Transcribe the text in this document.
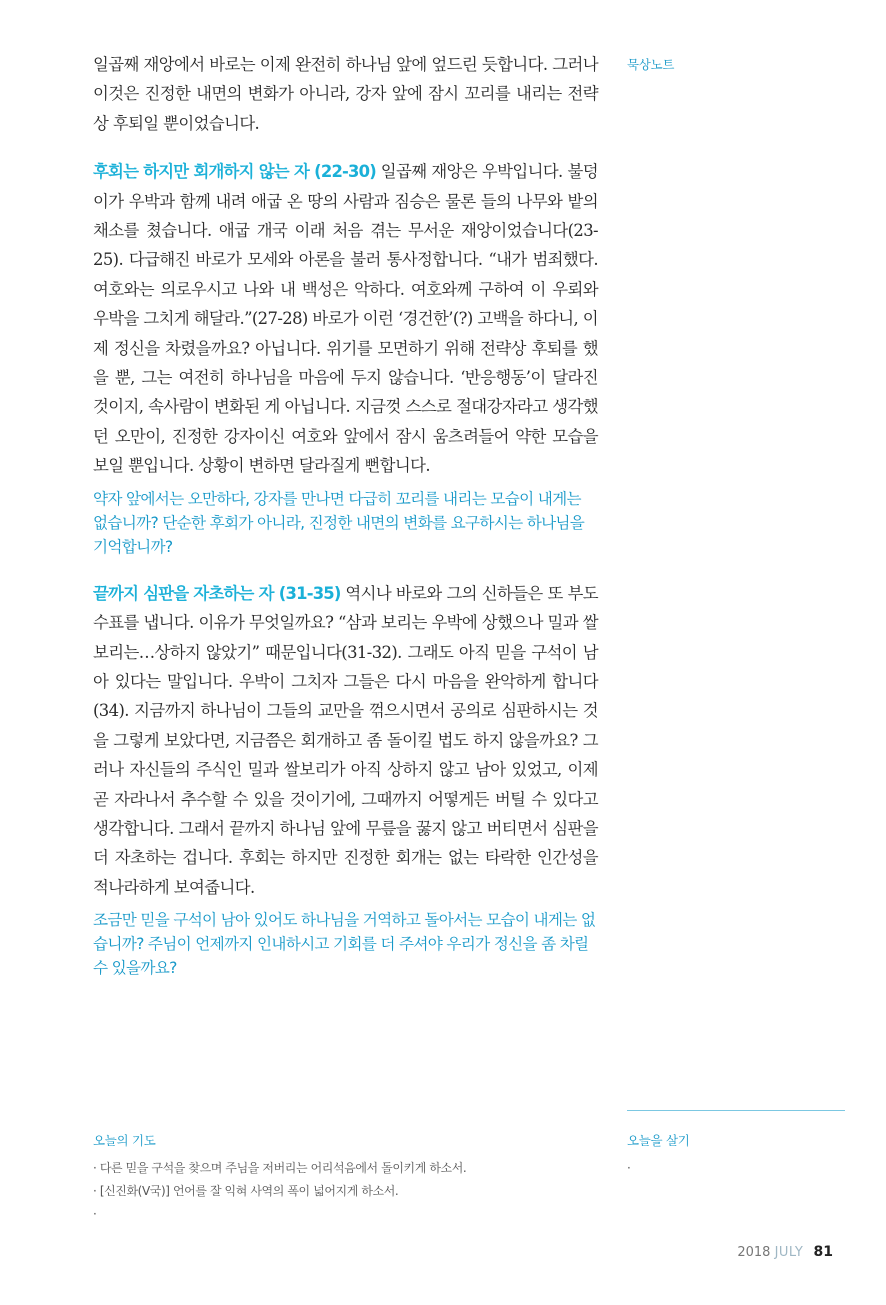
일곱째 재앙에서 바로는 이제 완전히 하나님 앞에 엎드린 듯합니다. 그러나 이것은 진정한 내면의 변화가 아니라, 강자 앞에 잠시 꼬리를 내리는 전략상 후퇴일 뿐이었습니다.

후회는 하지만 회개하지 않는 자 (22-30) 일곱째 재앙은 우박입니다. 불덩이가 우박과 함께 내려 애굽 온 땅의 사람과 짐승은 물론 들의 나무와 밭의 채소를 쳤습니다. 애굽 개국 이래 처음 겪는 무서운 재앙이었습니다(23-25). 다급해진 바로가 모세와 아론을 불러 통사정합니다. “내가 범죄했다. 여호와는 의로우시고 나와 내 백성은 악하다. 여호와께 구하여 이 우뢰와 우박을 그치게 해달라.”(27-28) 바로가 이런 ‘경건한’(?) 고백을 하다니, 이제 정신을 차렸을까요? 아닙니다. 위기를 모면하기 위해 전략상 후퇴를 했을 뿐, 그는 여전히 하나님을 마음에 두지 않습니다. ‘반응행동’이 달라진 것이지, 속사람이 변화된 게 아닙니다. 지금껏 스스로 절대강자라고 생각했던 오만이, 진정한 강자이신 여호와 앞에서 잠시 움츠려들어 약한 모습을 보일 뿐입니다. 상황이 변하면 달라질게 뻔합니다.

약자 앞에서는 오만하다, 강자를 만나면 다급히 꼬리를 내리는 모습이 내게는 없습니까? 단순한 후회가 아니라, 진정한 내면의 변화를 요구하시는 하나님을 기억합니까?

끝까지 심판을 자초하는 자 (31-35) 역시나 바로와 그의 신하들은 또 부도수표를 냅니다. 이유가 무엇일까요? “삼과 보리는 우박에 상했으나 밀과 쌀보리는…상하지 않았기” 때문입니다(31-32). 그래도 아직 믿을 구석이 남아 있다는 말입니다. 우박이 그치자 그들은 다시 마음을 완악하게 합니다(34). 지금까지 하나님이 그들의 교만을 꺾으시면서 공의로 심판하시는 것을 그렇게 보았다면, 지금쯤은 회개하고 좀 돌이킬 법도 하지 않을까요? 그러나 자신들의 주식인 밀과 쌀보리가 아직 상하지 않고 남아 있었고, 이제 곧 자라나서 추수할 수 있을 것이기에, 그때까지 어떻게든 버틸 수 있다고 생각합니다. 그래서 끝까지 하나님 앞에 무릎을 꿇지 않고 버티면서 심판을 더 자초하는 겁니다. 후회는 하지만 진정한 회개는 없는 타락한 인간성을 적나라하게 보여줍니다.

조금만 믿을 구석이 남아 있어도 하나님을 거역하고 돌아서는 모습이 내게는 없습니까? 주님이 언제까지 인내하시고 기회를 더 주셔야 우리가 정신을 좀 차릴 수 있을까요?

묵상노트
오늘의 기도
· 다른 믿을 구석을 찾으며 주님을 저버리는 어리석음에서 돌이키게 하소서.
· [신진화(V국)] 언어를 잘 익혀 사역의 폭이 넓어지게 하소서.
·
오늘을 살기
·
2018 JULY 81
